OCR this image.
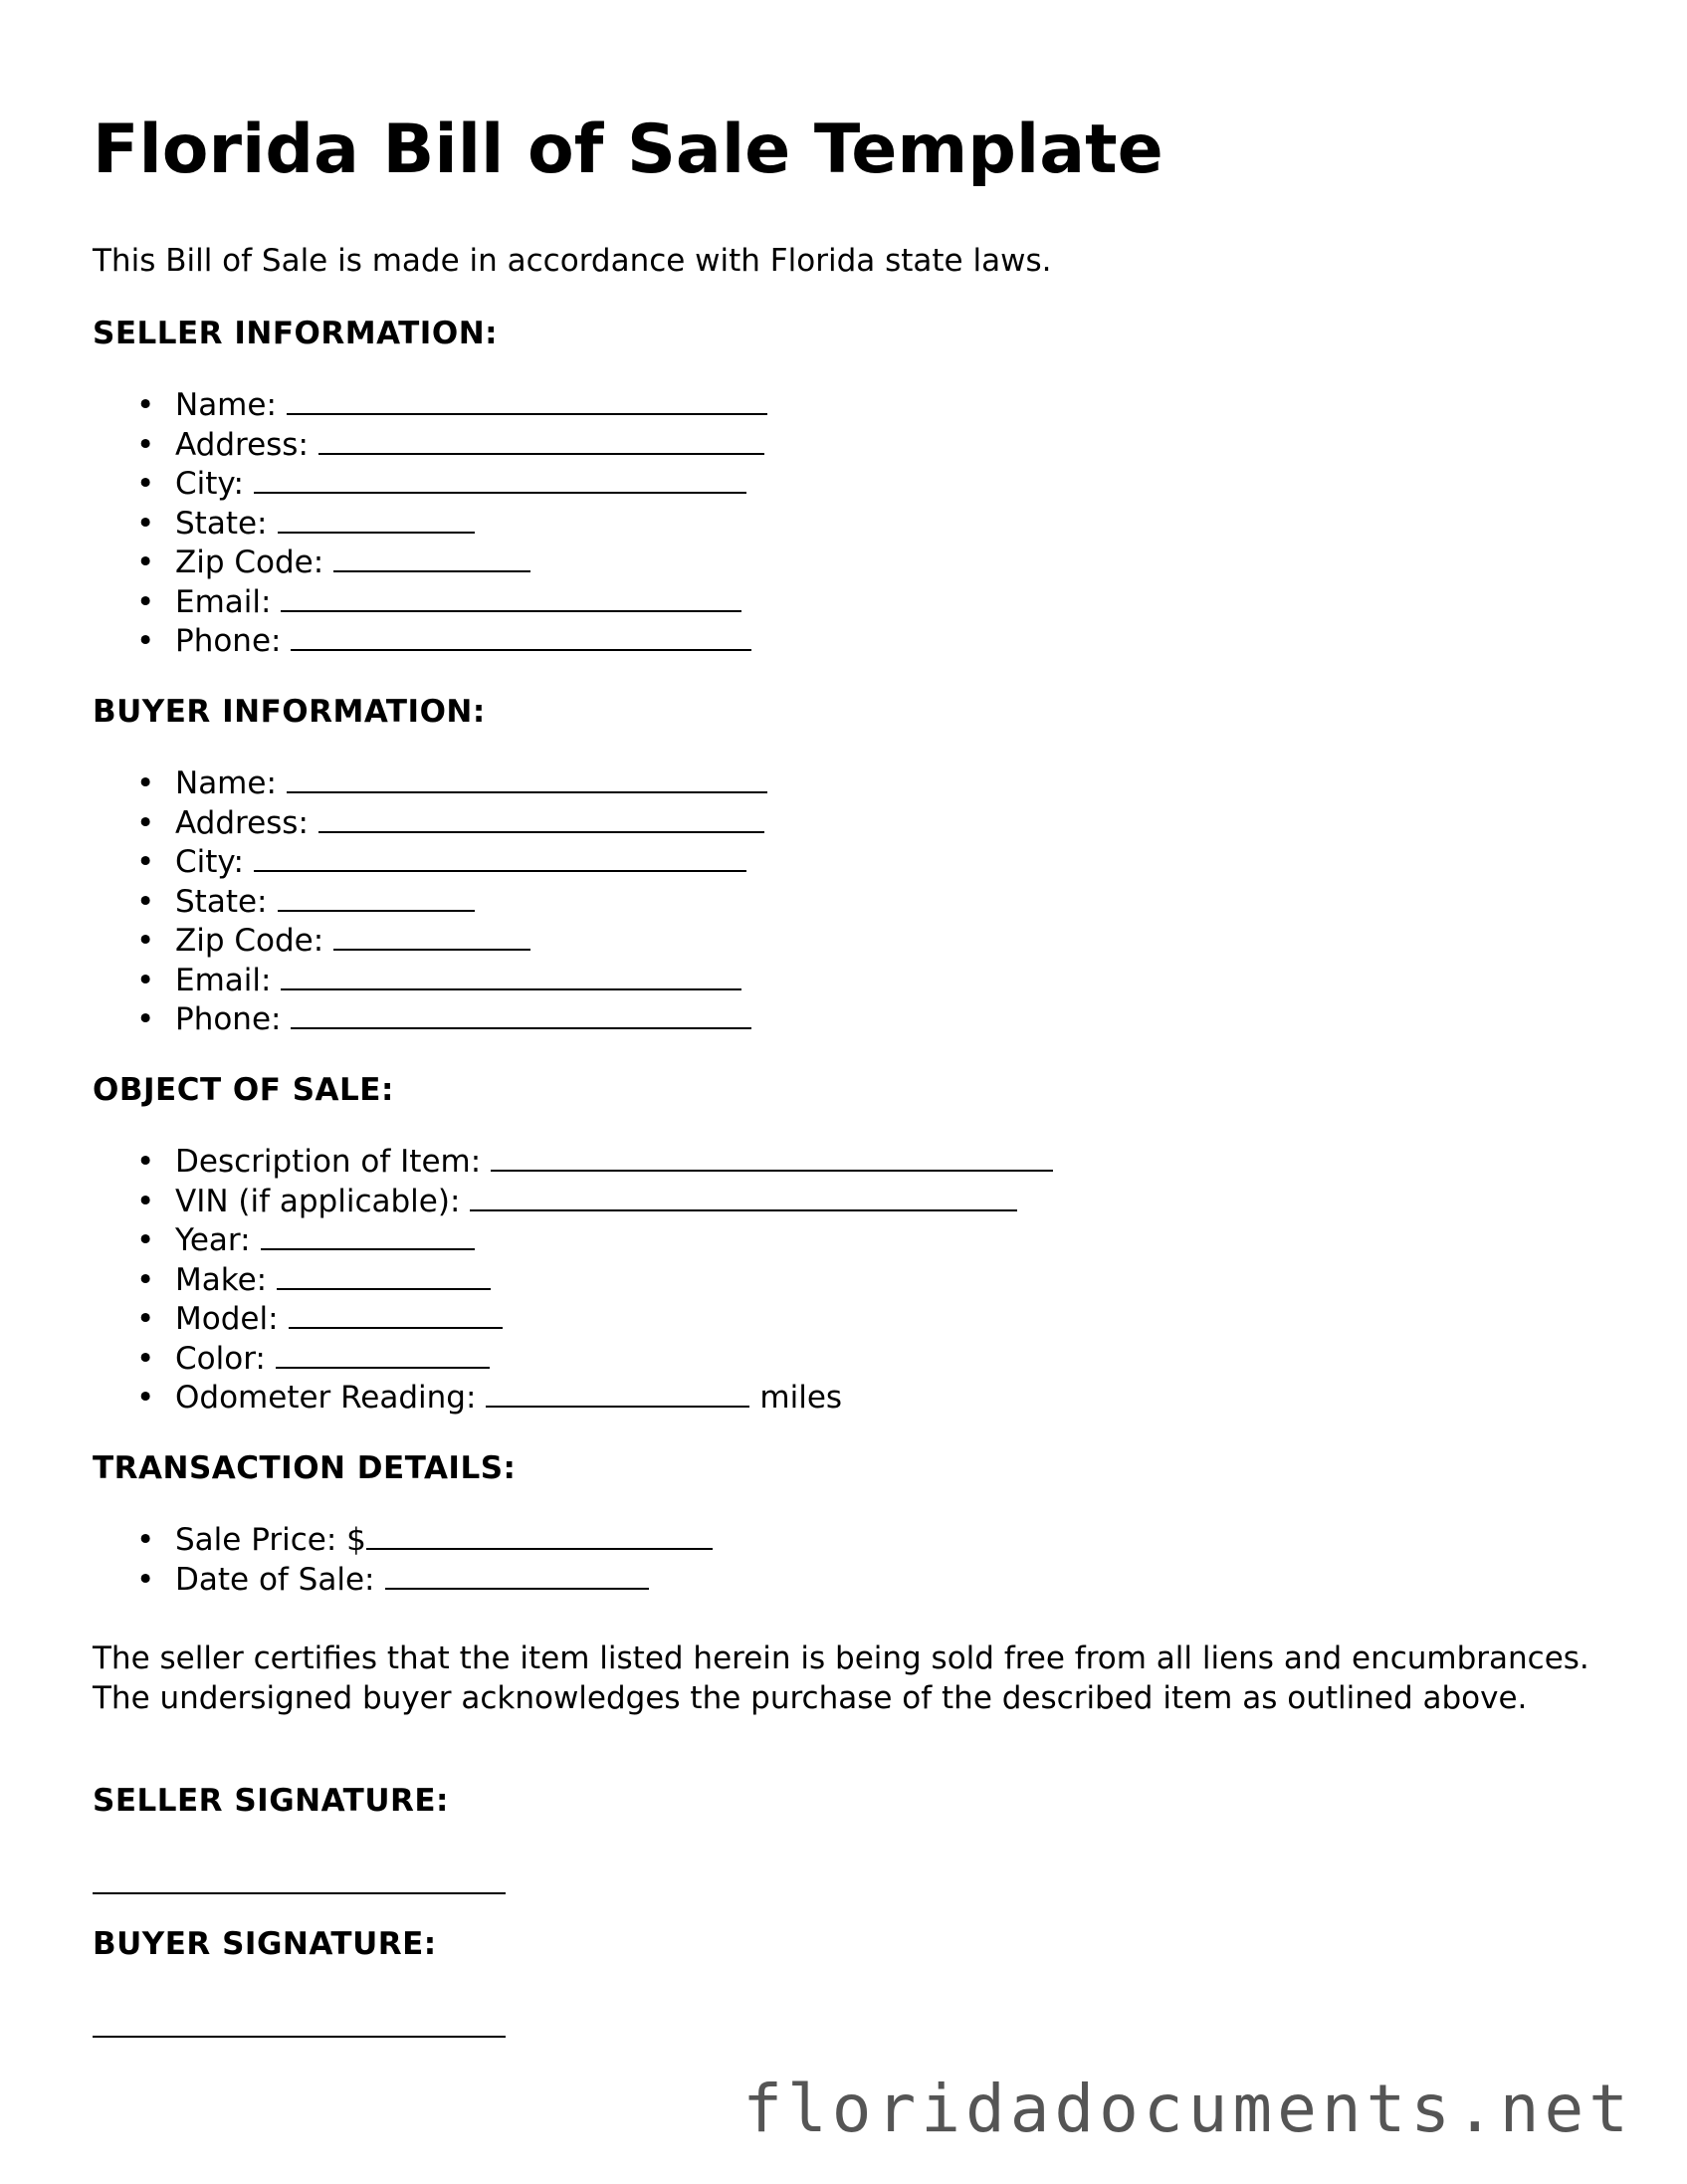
Florida Bill of Sale Template

This Bill of Sale is made in accordance with Florida state laws.

SELLER INFORMATION:

• Name:
• Address:
• City:
• State:
• Zip Code:
• Email:
• Phone:

BUYER INFORMATION:

• Name:
• Address:
• City:
• State:
• Zip Code:
• Email:
• Phone:

OBJECT OF SALE:

• Description of Item:
• VIN (if applicable):
• Year:
• Make:
• Model:
• Color:
• Odometer Reading:	miles

TRANSACTION DETAILS:

• Sale Price: $
• Date of Sale:

The seller certifies that the item listed herein is being sold free from all liens and encumbrances. The undersigned buyer acknowledges the purchase of the described item as outlined above.

SELLER SIGNATURE:

BUYER SIGNATURE:

floridadocuments.net
